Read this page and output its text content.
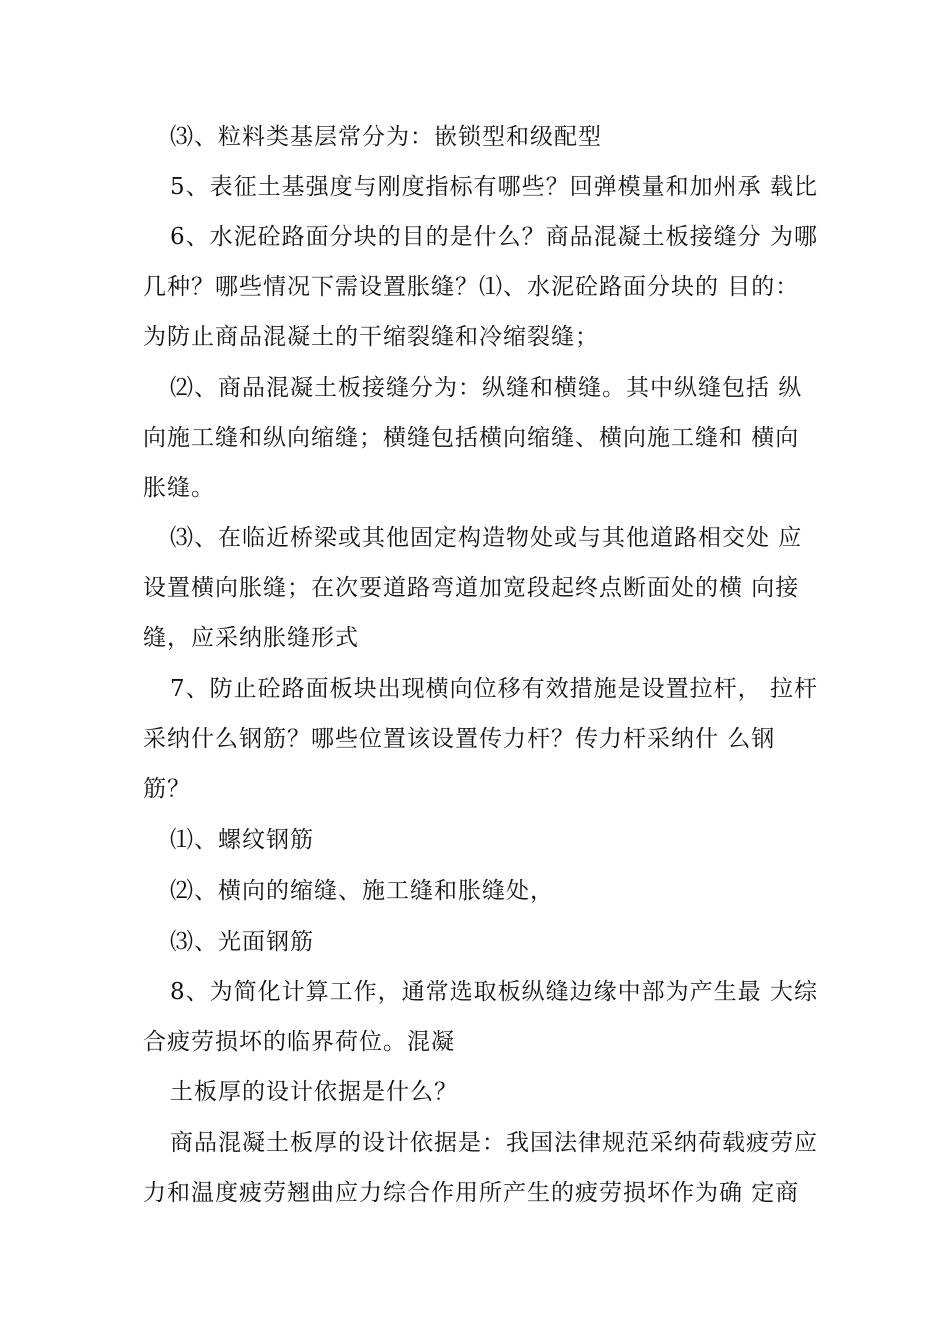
⑶、粒料类基层常分为：嵌锁型和级配型
5、表征土基强度与刚度指标有哪些？回弹模量和加州承 载比
6、水泥砼路面分块的目的是什么？商品混凝土板接缝分 为哪
几种？哪些情况下需设置胀缝？⑴、水泥砼路面分块的 目的：
为防止商品混凝土的干缩裂缝和冷缩裂缝；
⑵、商品混凝土板接缝分为：纵缝和横缝。其中纵缝包括 纵
向施工缝和纵向缩缝；横缝包括横向缩缝、横向施工缝和 横向
胀缝。
⑶、在临近桥梁或其他固定构造物处或与其他道路相交处 应
设置横向胀缝；在次要道路弯道加宽段起终点断面处的横 向接
缝，应采纳胀缝形式
7、防止砼路面板块出现横向位移有效措施是设置拉杆， 拉杆
采纳什么钢筋？哪些位置该设置传力杆？传力杆采纳什 么钢
筋？
⑴、螺纹钢筋
⑵、横向的缩缝、施工缝和胀缝处，
⑶、光面钢筋
8、为简化计算工作，通常选取板纵缝边缘中部为产生最 大综
合疲劳损坏的临界荷位。混凝
土板厚的设计依据是什么？
商品混凝土板厚的设计依据是：我国法律规范采纳荷载疲劳应
力和温度疲劳翘曲应力综合作用所产生的疲劳损坏作为确 定商
